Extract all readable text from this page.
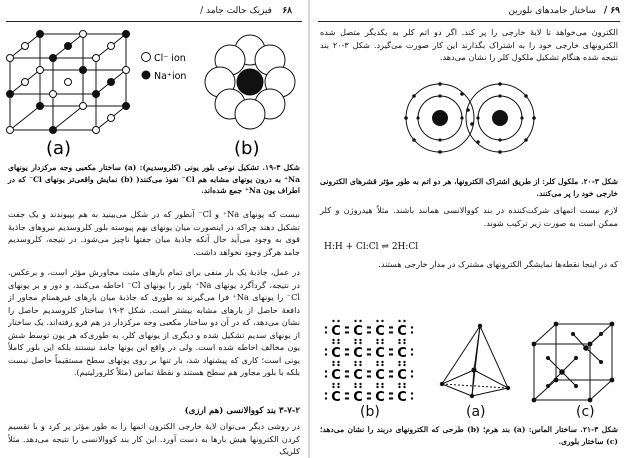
۶۸
/ فیزیک حالت جامد
(a)
Cl⁻ ion
Na⁺ion
(b)
شکل ۳-۱۹. تشکیل نوعی بلور یونی (کلروسدیم): (a) ساختار مکعبی وجه مرکزدار یونهای Na⁺ به درون یونهای مشابه هم Cl⁻ نفوذ می‌کنند( (b) نمایش واقعی‌تر یونهای Cl⁻ که در اطراف یون Na⁺ جمع شده‌اند.
نیست که یونهای Na⁺ و Cl⁻ آنطور که در شکل می‌بینید به هم بپیوندند و یک جفت تشکیل دهند چراکه در اینصورت میان یونهای بهم پیوسته بلور کلروسدیم نیروهای جاذبهٔ قوی به وجود می‌آید حال آنکه جاذبهٔ میان جفتها ناچیز می‌شود. در نتیجه، کلروسدیم جامد هرگز وجود نخواهد داشت.
در عمل، جاذبهٔ یک بار منفی برای تمام بارهای مثبت مجاورش مؤثر است، و برعکس. در نتیجه، گردآگرد یونهای Na⁺ بلور را یونهای Cl⁻ احاطه می‌کنند، و دور و بر یونهای Cl⁻ را یونهای Na⁺ فرا می‌گیرند به طوری که جاذبهٔ میان بارهای غیرهمنام مجاور از دافعهٔ حاصل از بارهای مشابه بیشتر است. شکل ۳-۱۹ ساختار کلروسدیم حاصل را نشان می‌دهد، که در آن دو ساختار مکعبی وجه مرکزدار در هم فرو رفته‌اند. یک ساختار از یونهای سدیم تشکیل شده و دیگری از یونهای کلر، به طوری‌که هر یون توسط شش یون مخالف احاطه شده است. ولی در واقع این یونها جامد نیستند بلکه این بلور کاملاً یونی است؛ کاری که پیشنهاد شد، بار تنها بر روی یونهای سطح مستقیماً حاصل نیست بلکه با بلور مجاور هم سطح هستند و نقطهٔ تماس (مثلاً کلرورلیتیم).
۳-۷-۲ بند کووالانسی (هم ارزی)
در روشی دیگر می‌توان لایهٔ خارجی الکترون اتمها را به طور مؤثر پر کرد و با تقسیم کردن الکترونها هیش بارها به دست آورد. این کار بند کووالانسی را نتیجه می‌دهد. مثلاً کلریک
/ ۶۹
ساختار جامدهای بلورین
الکترون می‌خواهد تا لایهٔ خارجی را پر کند. اگر دو اتم کلر به یکدیگر متصل شده الکترونهای خارجی خود را به اشتراک بگذارند این کار صورت می‌گیرد. شکل ۳-۲۰ بند نتیجه شده هنگام تشکیل ملکول کلر را نشان می‌دهد.
شکل ۳-۲۰. ملکول کلر: از طریق اشتراک الکترونها، هر دو اتم به طور مؤثر قشرهای الکترونی خارجی خود را پر می‌کنند.
لازم نیست اتمهای شرکت‌کننده در بند کووالانسی همانند باشند. مثلاً هیدروژن و کلر ممکن است به صورت زیر ترکیب شوند.
H:H + Cl:Cl ⇌ 2H:Cl
که در اینجا نقطه‌ها نمایشگر الکترونهای مشترک در مدار خارجی هستند.
C C C C
C C C C
C C C C
C C C C
(b)	(a)	(c)
شکل ۳-۲۱. ساختار الماس: (a) بند هرم؛ (b) طرحی که الکترونهای دربند را نشان می‌دهد؛ (c) ساختار بلوری.
